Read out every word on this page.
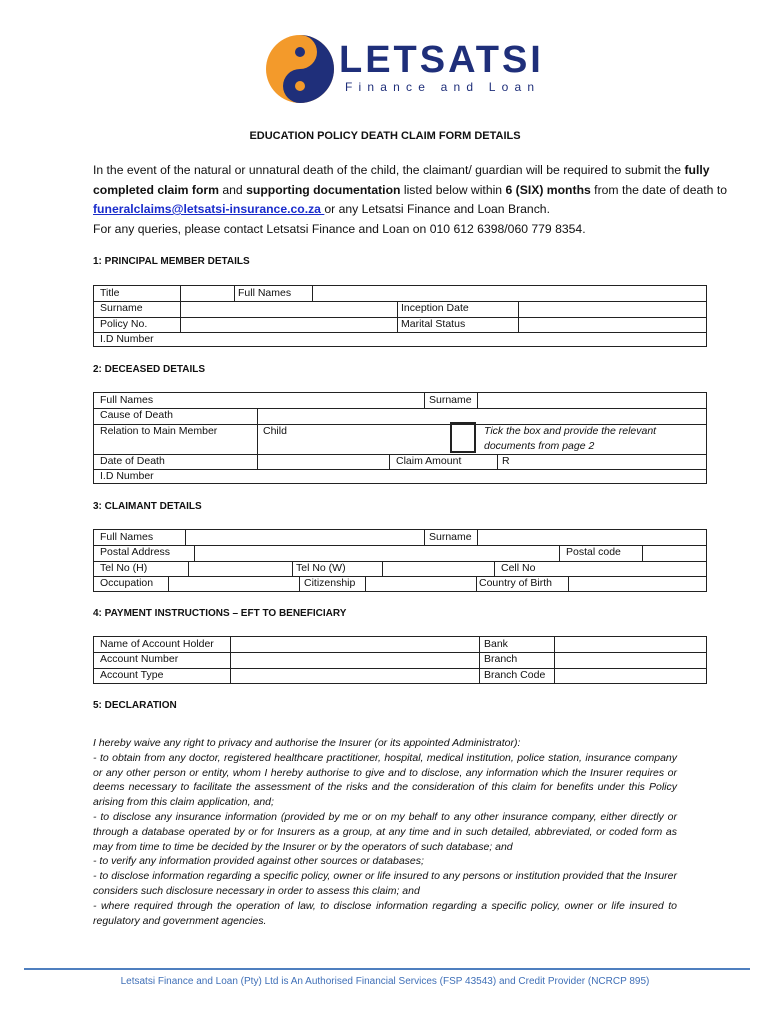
LETSATSI
Finance and Loan
EDUCATION POLICY DEATH CLAIM FORM DETAILS
In the event of the natural or unnatural death of the child, the claimant/ guardian will be required to submit the fully completed claim form and supporting documentation listed below within 6 (SIX) months from the date of death to funeralclaims@letsatsi-insurance.co.za or any Letsatsi Finance and Loan Branch.
For any queries, please contact Letsatsi Finance and Loan on 010 612 6398/060 779 8354.
1: PRINCIPAL MEMBER DETAILS
Title	Full Names
Surname	Inception Date
Policy No.	Marital Status
I.D Number
2: DECEASED DETAILS
Full Names	Surname
Cause of Death
Relation to Main Member	Child	Tick the box and provide the relevant documents from page 2
Date of Death	Claim Amount	R
I.D Number
3: CLAIMANT DETAILS
Full Names	Surname
Postal Address	Postal code
Tel No (H)	Tel No (W)	Cell No
Occupation	Citizenship	Country of Birth
4: PAYMENT INSTRUCTIONS – EFT TO BENEFICIARY
Name of Account Holder	Bank
Account Number	Branch
Account Type	Branch Code
5: DECLARATION

I hereby waive any right to privacy and authorise the Insurer (or its appointed Administrator):

- to obtain from any doctor, registered healthcare practitioner, hospital, medical institution, police station, insurance company or any other person or entity, whom I hereby authorise to give and to disclose, any information which the Insurer requires or deems necessary to facilitate the assessment of the risks and the consideration of this claim for benefits under this Policy arising from this claim application, and;

- to disclose any insurance information (provided by me or on my behalf to any other insurance company, either directly or through a database operated by or for Insurers as a group, at any time and in such detailed, abbreviated, or coded form as may from time to time be decided by the Insurer or by the operators of such database; and

- to verify any information provided against other sources or databases;

- to disclose information regarding a specific policy, owner or life insured to any persons or institution provided that the Insurer considers such disclosure necessary in order to assess this claim; and

- where required through the operation of law, to disclose information regarding a specific policy, owner or life insured to regulatory and government agencies.

Letsatsi Finance and Loan (Pty) Ltd is An Authorised Financial Services (FSP 43543) and Credit Provider (NCRCP 895)
